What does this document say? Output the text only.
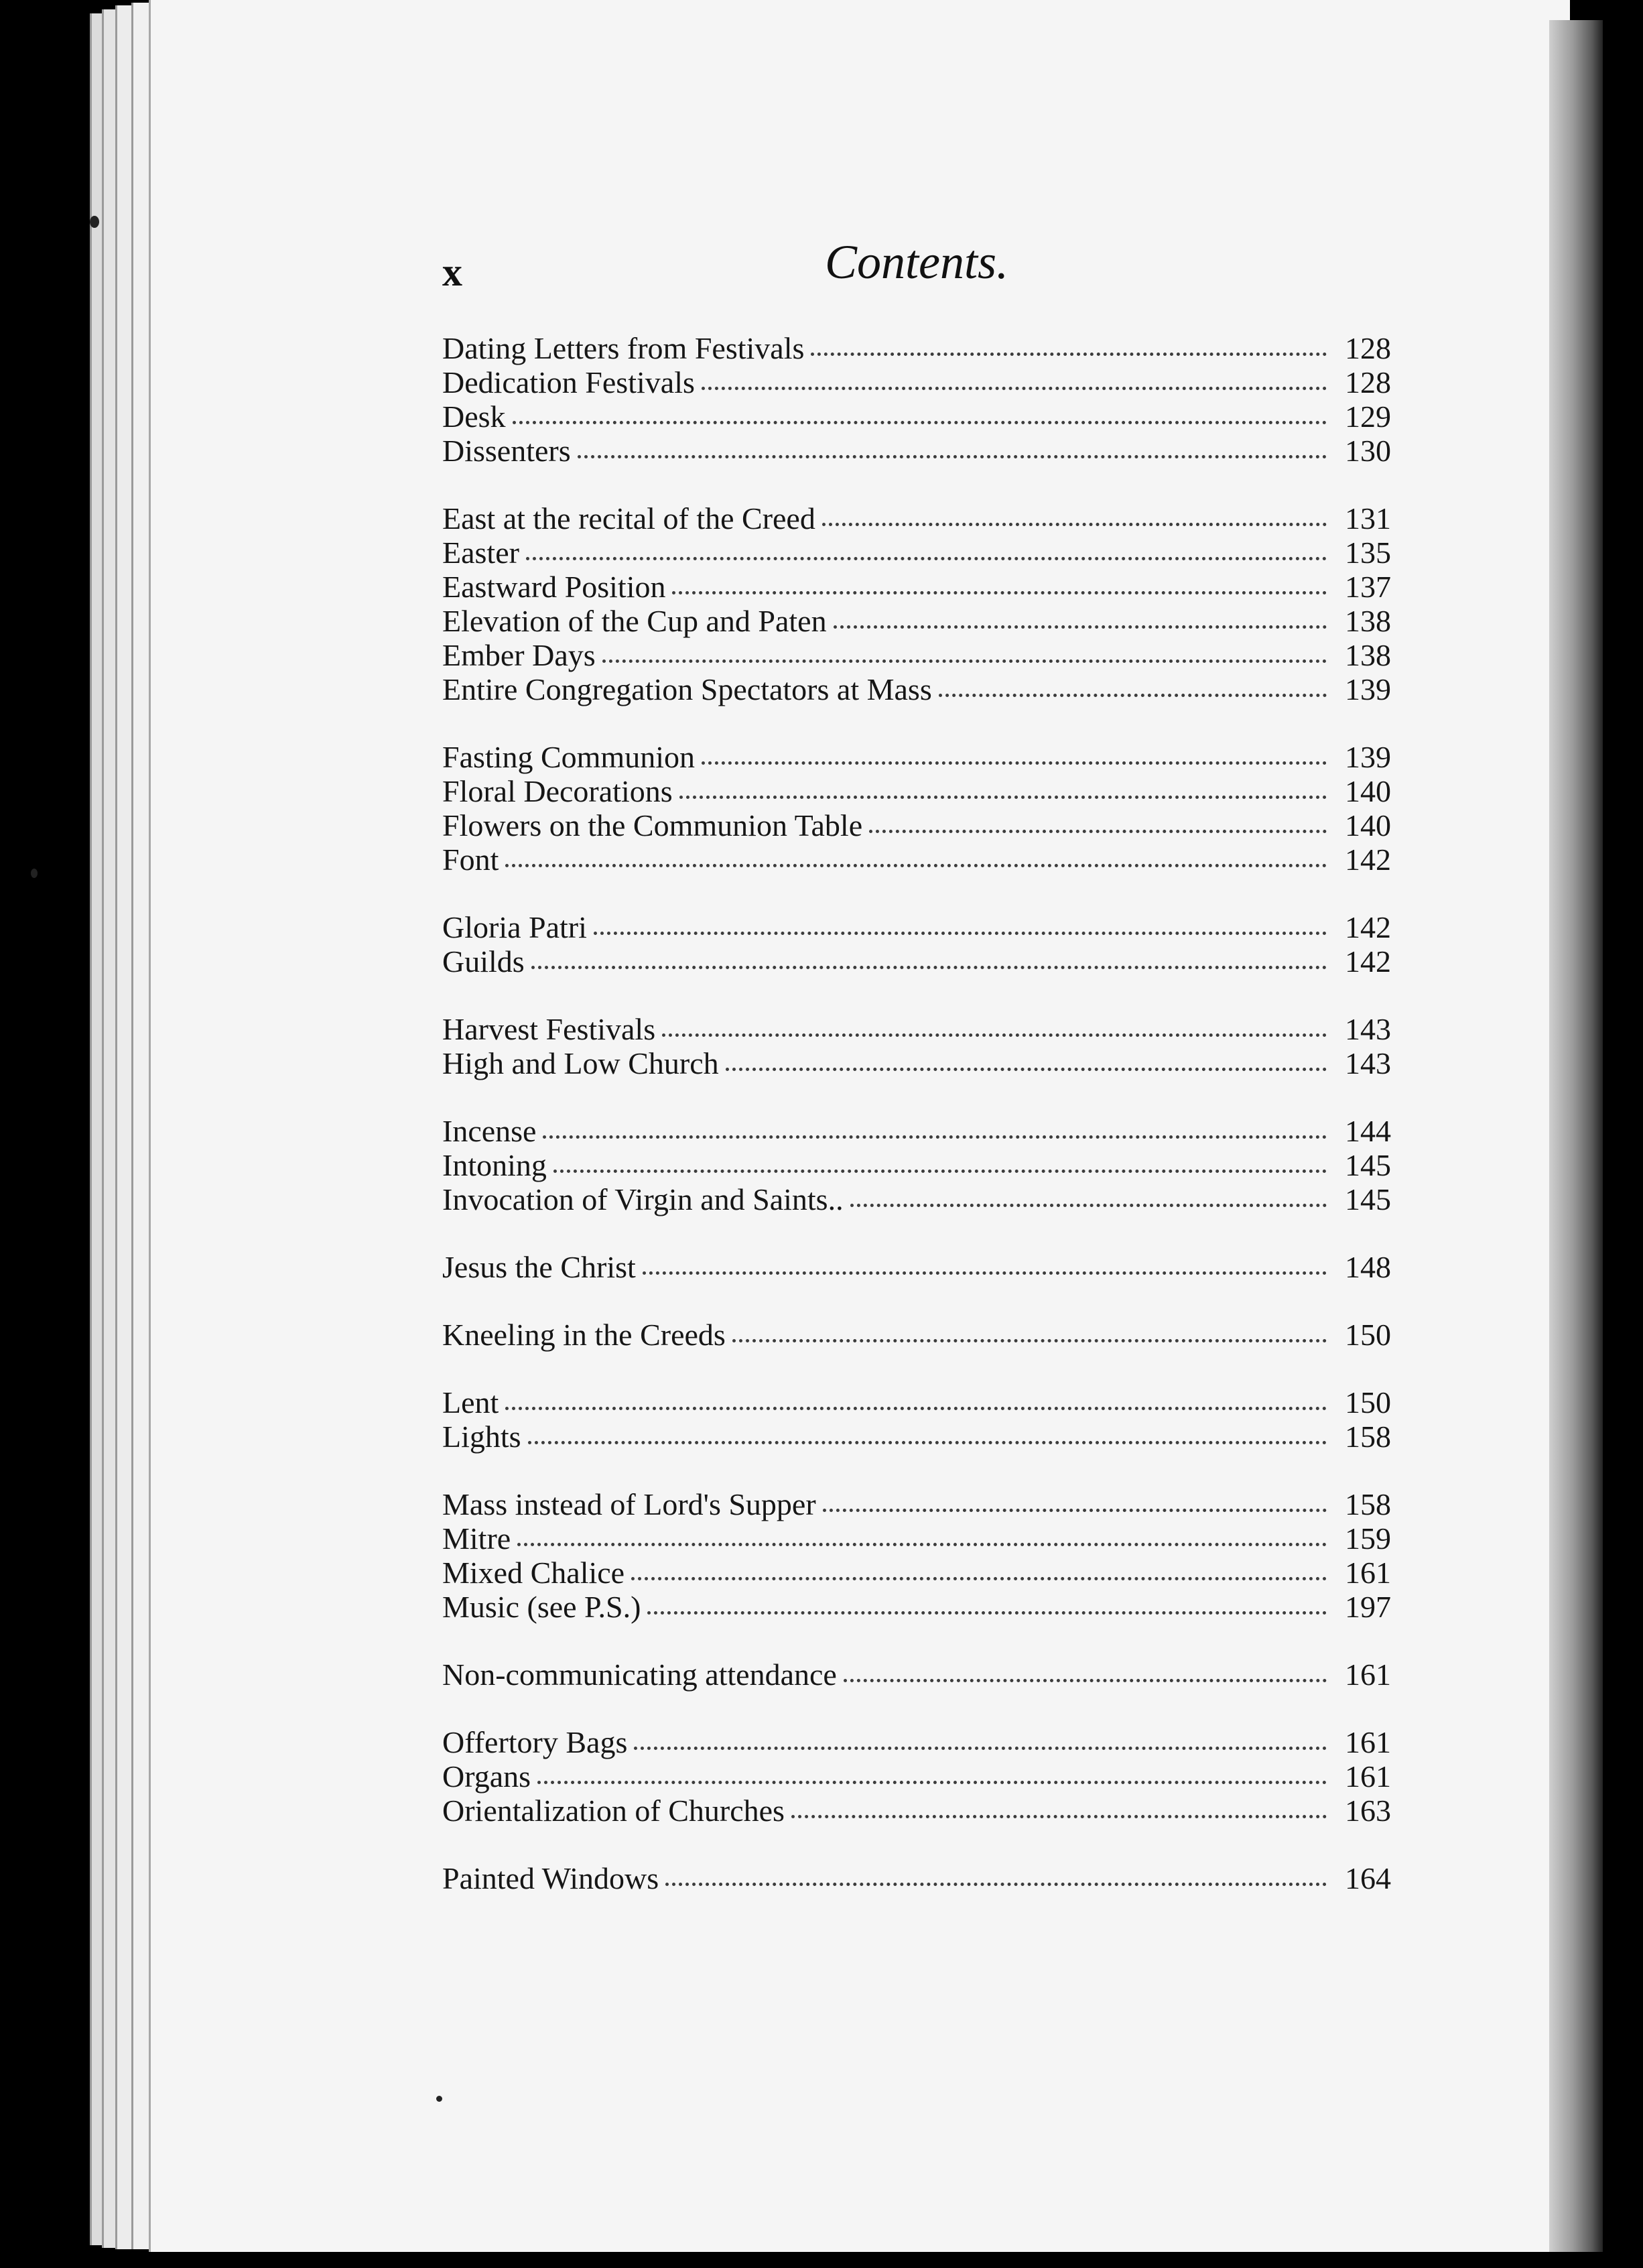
x	Contents.
Dating Letters from Festivals	128
Dedication Festivals	128
Desk	129
Dissenters	130
East at the recital of the Creed	131
Easter	135
Eastward Position	137
Elevation of the Cup and Paten	138
Ember Days	138
Entire Congregation Spectators at Mass	139
Fasting Communion	139
Floral Decorations	140
Flowers on the Communion Table	140
Font	142
Gloria Patri	142
Guilds	142
Harvest Festivals	143
High and Low Church	143
Incense	144
Intoning	145
Invocation of Virgin and Saints..	145
Jesus the Christ	148
Kneeling in the Creeds	150
Lent	150
Lights	158
Mass instead of Lord's Supper	158
Mitre	159
Mixed Chalice	161
Music (see P.S.)	197
Non-communicating attendance	161
Offertory Bags	161
Organs	161
Orientalization of Churches	163
Painted Windows	164
